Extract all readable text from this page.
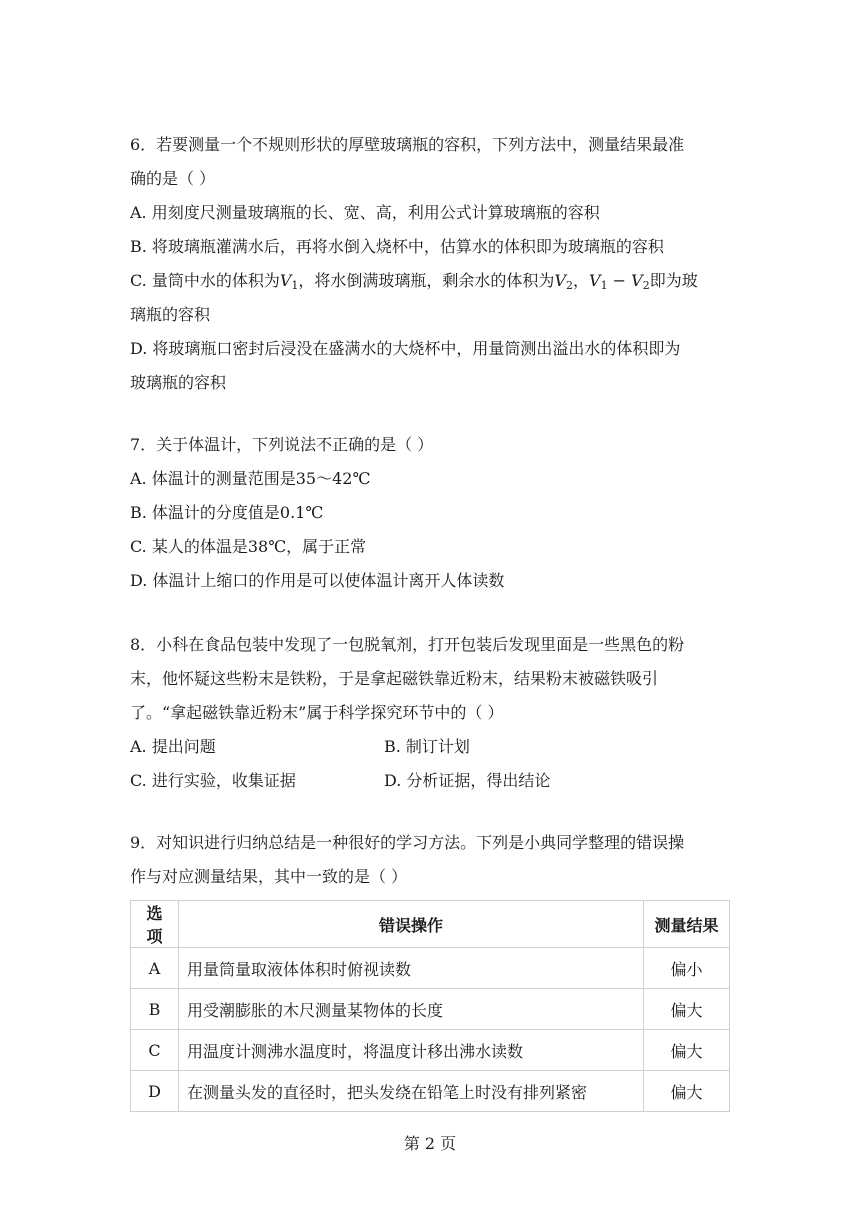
6．若要测量一个不规则形状的厚壁玻璃瓶的容积，下列方法中，测量结果最准
确的是（ ）
A. 用刻度尺测量玻璃瓶的长、宽、高，利用公式计算玻璃瓶的容积
B. 将玻璃瓶灌满水后，再将水倒入烧杯中，估算水的体积即为玻璃瓶的容积
C. 量筒中水的体积为$V_1$，将水倒满玻璃瓶，剩余水的体积为$V_2$，$V_1 - V_2$即为玻
璃瓶的容积
D. 将玻璃瓶口密封后浸没在盛满水的大烧杯中，用量筒测出溢出水的体积即为
玻璃瓶的容积
7．关于体温计，下列说法不正确的是（ ）
A. 体温计的测量范围是35～42℃
B. 体温计的分度值是0.1℃
C. 某人的体温是38℃，属于正常
D. 体温计上缩口的作用是可以使体温计离开人体读数
8．小科在食品包装中发现了一包脱氧剂，打开包装后发现里面是一些黑色的粉
末，他怀疑这些粉末是铁粉，于是拿起磁铁靠近粉末，结果粉末被磁铁吸引
了。“拿起磁铁靠近粉末”属于科学探究环节中的（ ）
A. 提出问题	B. 制订计划
C. 进行实验，收集证据	D. 分析证据，得出结论
9．对知识进行归纳总结是一种很好的学习方法。下列是小典同学整理的错误操
作与对应测量结果，其中一致的是（ ）
选项	错误操作	测量结果
A	用量筒量取液体体积时俯视读数	偏小
B	用受潮膨胀的木尺测量某物体的长度	偏大
C	用温度计测沸水温度时，将温度计移出沸水读数	偏大
D	在测量头发的直径时，把头发绕在铅笔上时没有排列紧密	偏大
第 2 页
